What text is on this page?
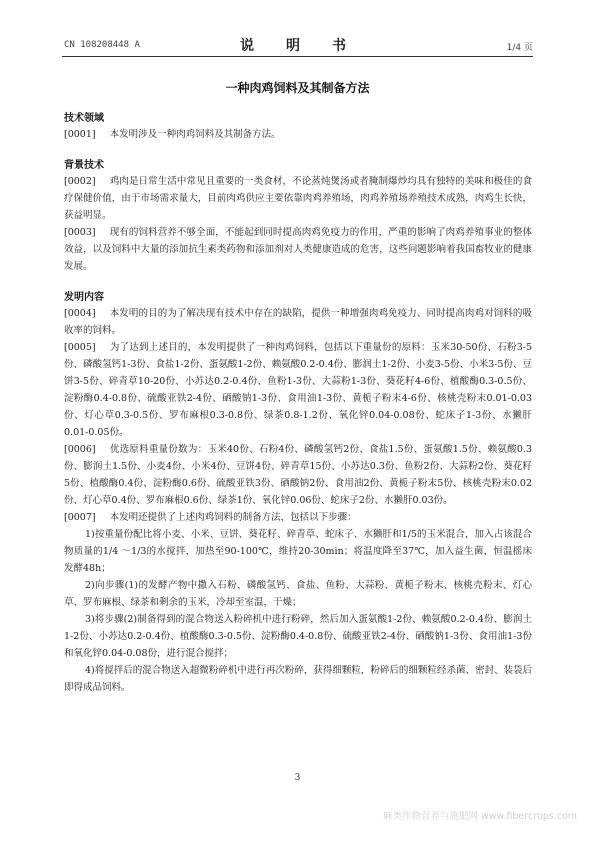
CN 108208448 A	说　明　书	1/4 页
一种肉鸡饲料及其制备方法
技术领域

[0001] 本发明涉及一种肉鸡饲料及其制备方法。

背景技术

[0002] 鸡肉是日常生活中常见且重要的一类食材，不论蒸炖煲汤或者腌制爆炒均具有独特的美味和极佳的食疗保健价值，由于市场需求量大，目前肉鸡供应主要依靠肉鸡养殖场，肉鸡养殖场养殖技术成熟，肉鸡生长快，获益明显。

[0003] 现有的饲料营养不够全面，不能起到同时提高肉鸡免疫力的作用，严重的影响了肉鸡养殖事业的整体效益，以及饲料中大量的添加抗生素类药物和添加剂对人类健康造成的危害，这些问题影响着我国畜牧业的健康发展。

发明内容

[0004] 本发明的目的为了解决现有技术中存在的缺陷，提供一种增强肉鸡免疫力、同时提高肉鸡对饲料的吸收率的饲料。

[0005] 为了达到上述目的，本发明提供了一种肉鸡饲料，包括以下重量份的原料：玉米30-50份、石粉3-5份、磷酸氢钙1-3份、食盐1-2份、蛋氨酸1-2份、赖氨酸0.2-0.4份、膨润土1-2份、小麦3-5份、小米3-5份、豆饼3-5份、碎青草10-20份、小苏达0.2-0.4份、鱼粉1-3份、大蒜粉1-3份、葵花籽4-6份、植酸酶0.3-0.5份、淀粉酶0.4-0.8份、硫酸亚铁2-4份、硒酸钠1-3份、食用油1-3份、黄栀子粉末4-6份、核桃壳粉末0.01-0.03份、灯心草0.3-0.5份、罗布麻根0.3-0.8份、绿茶0.8-1.2份、氧化锌0.04-0.08份、蛇床子1-3份、水獭肝0.01-0.05份。

[0006] 优选原料重量份数为：玉米40份、石粉4份、磷酸氢钙2份、食盐1.5份、蛋氨酸1.5份、赖氨酸0.3份、膨润土1.5份、小麦4份、小米4份、豆饼4份、碎青草15份、小苏达0.3份、鱼粉2份、大蒜粉2份、葵花籽5份、植酸酶0.4份、淀粉酶0.6份、硫酸亚铁3份、硒酸钠2份、食用油2份、黄栀子粉末5份、核桃壳粉末0.02份、灯心草0.4份、罗布麻根0.6份、绿茶1份、氧化锌0.06份、蛇床子2份、水獭肝0.03份。

[0007] 本发明还提供了上述肉鸡饲料的制备方法，包括以下步骤：

1)按重量份配比将小麦、小米、豆饼、葵花籽、碎青草、蛇床子、水獭肝和1/5的玉米混合，加入占该混合物质量的1/4 ～1/3的水搅拌，加热至90-100℃，维持20-30min；将温度降至37℃，加入益生菌，恒温摇床发酵48h；

2)向步骤(1)的发酵产物中撒入石粉、磷酸氢钙、食盐、鱼粉、大蒜粉、黄栀子粉末、核桃壳粉末、灯心草、罗布麻根、绿茶和剩余的玉米，冷却至室温，干燥；

3)将步骤(2)制备得到的混合物送入粉碎机中进行粉碎，然后加入蛋氨酸1-2份、赖氨酸0.2-0.4份、膨润土1-2份、小苏达0.2-0.4份、植酸酶0.3-0.5份、淀粉酶0.4-0.8份、硫酸亚铁2-4份、硒酸钠1-3份、食用油1-3份和氧化锌0.04-0.08份，进行混合搅拌；

4)将搅拌后的混合物送入超微粉碎机中进行再次粉碎，获得细颗粒，粉碎后的细颗粒经杀菌、密封、装袋后即得成品饲料。

3
麻类作物营养与施肥网 www.fibercrops.com
